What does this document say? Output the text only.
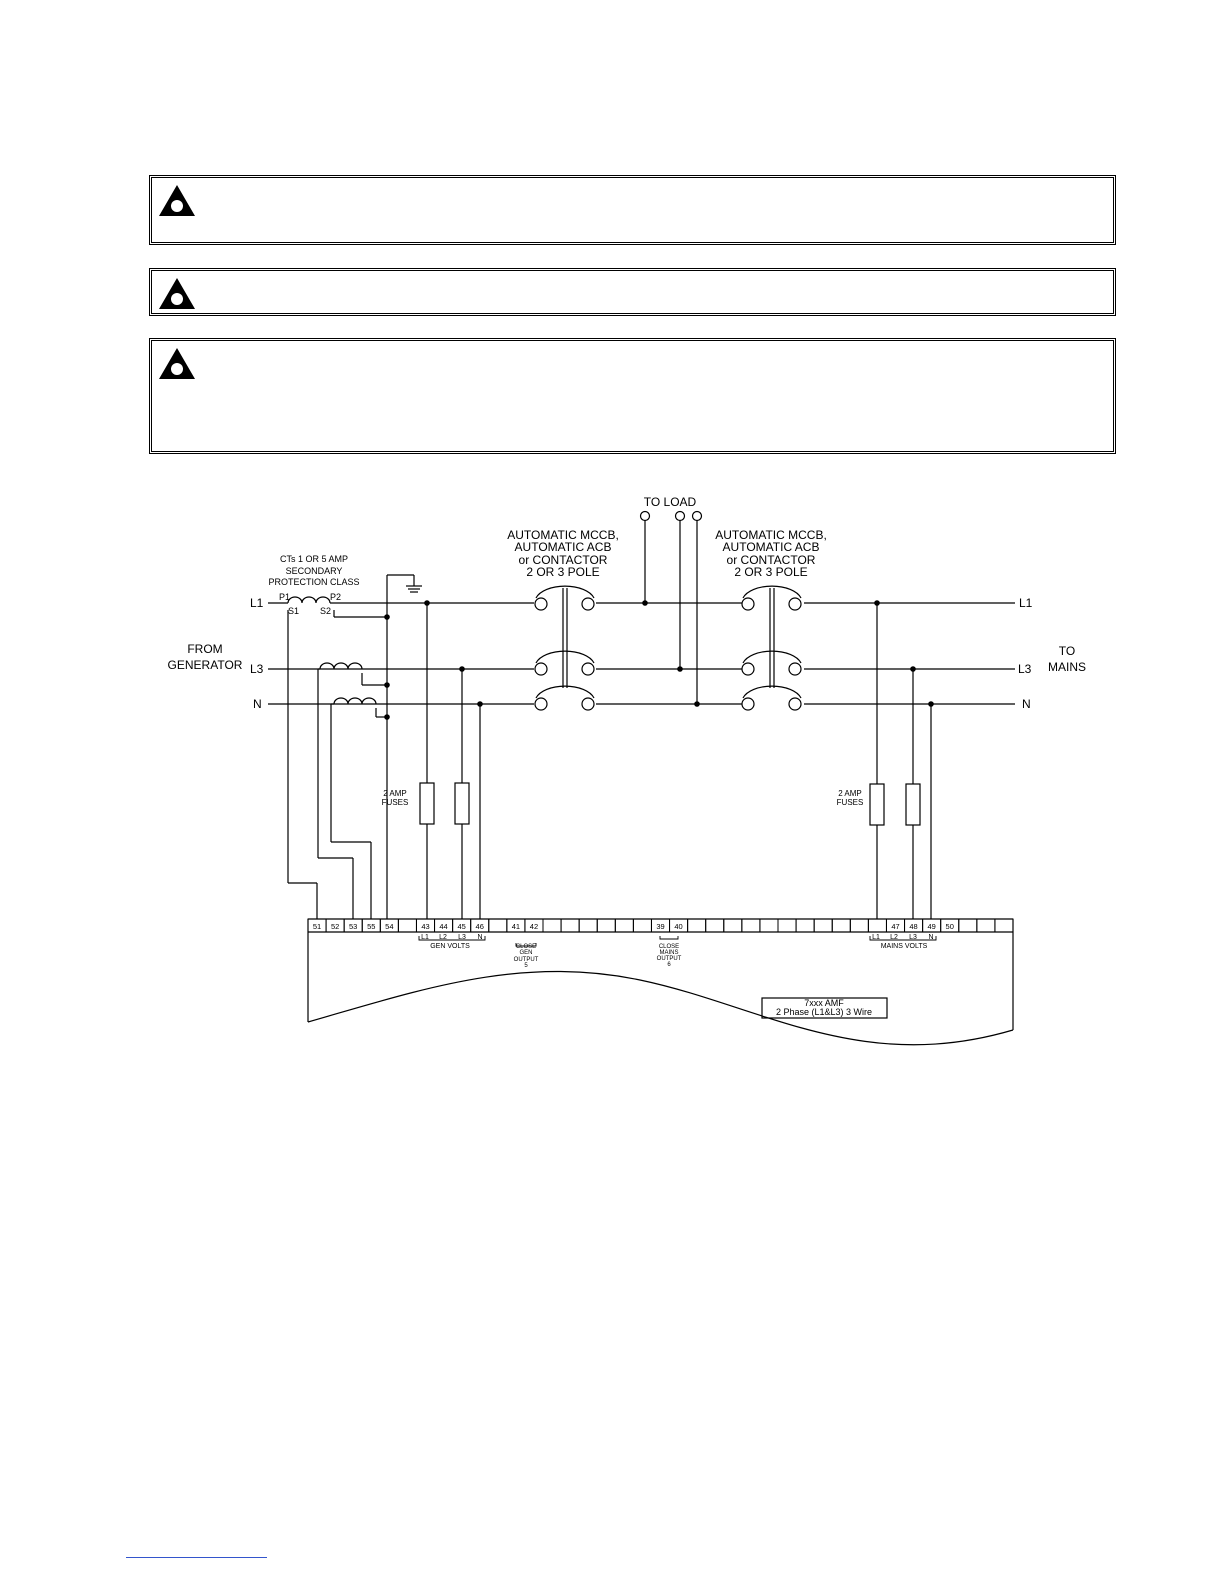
51 52 53 55 54	43 44 45 46	41 42	39 40	47 48 49 50
CTs 1 OR 5 AMP
SECONDARY
PROTECTION CLASS
P1	P2
S1 S2
L1
L3
N
L1
L3
N
FROM
GENERATOR
TO
MAINS
TO LOAD
AUTOMATIC MCCB,
AUTOMATIC ACB
or CONTACTOR
2 OR 3 POLE
AUTOMATIC MCCB,
AUTOMATIC ACB
or CONTACTOR
2 OR 3 POLE
2 AMP
FUSES
2 AMP
FUSES
L1 L2 L3 N
GEN VOLTS
L1 L2 L3 N
MAINS VOLTS
CLOSE
GEN
OUTPUT
5
CLOSE
MAINS
OUTPUT
6
7xxx AMF
2 Phase (L1&L3) 3 Wire
